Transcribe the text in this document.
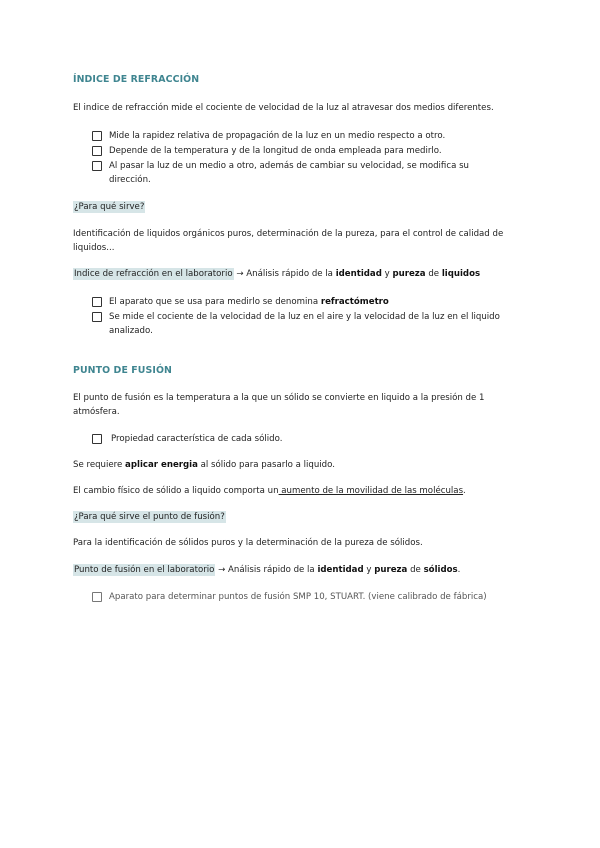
ÍNDICE DE REFRACCIÓN
El indice de refracción mide el cociente de velocidad de la luz al atravesar dos medios diferentes.
Mide la rapidez relativa de propagación de la luz en un medio respecto a otro.
Depende de la temperatura y de la longitud de onda empleada para medirlo.
Al pasar la luz de un medio a otro, además de cambiar su velocidad, se modifica su dirección.
¿Para qué sirve?
Identificación de liquidos orgánicos puros, determinación de la pureza, para el control de calidad de liquidos...
Indice de refracción en el laboratorio → Análisis rápido de la identidad y pureza de liquidos
El aparato que se usa para medirlo se denomina refractómetro
Se mide el cociente de la velocidad de la luz en el aire y la velocidad de la luz en el liquido analizado.
PUNTO DE FUSIÓN
El punto de fusión es la temperatura a la que un sólido se convierte en liquido a la presión de 1 atmósfera.
Propiedad característica de cada sólido.
Se requiere aplicar energia al sólido para pasarlo a liquido.
El cambio físico de sólido a liquido comporta un aumento de la movilidad de las moléculas.
¿Para qué sirve el punto de fusión?
Para la identificación de sólidos puros y la determinación de la pureza de sólidos.
Punto de fusión en el laboratorio → Análisis rápido de la identidad y pureza de sólidos.
Aparato para determinar puntos de fusión SMP 10, STUART. (viene calibrado de fábrica)
